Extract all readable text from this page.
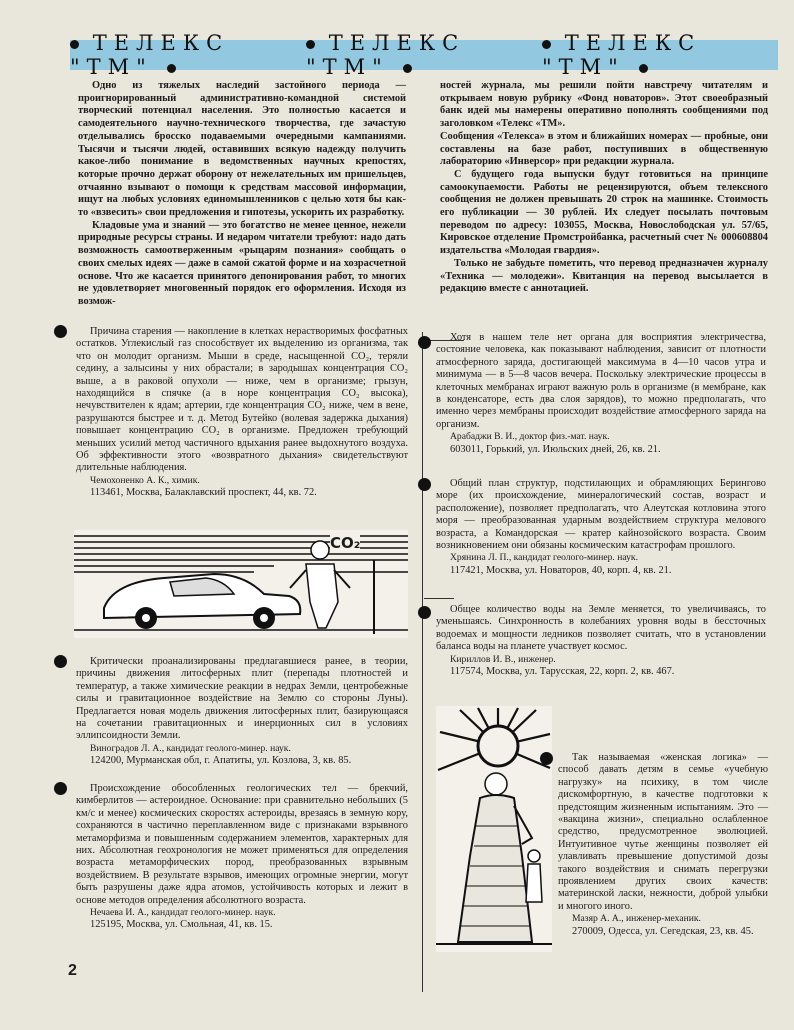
ТЕЛЕКС "ТМ"
ТЕЛЕКС "ТМ"
ТЕЛЕКС "ТМ"

Одно из тяжелых наследий застойного периода — проигнорированный административно-командной системой творческий потенциал населения. Это полностью касается и самодеятельного научно-технического творчества, где зачастую отделывались бросско подаваемыми очередными кампаниями. Тысячи и тысячи людей, оставивших всякую надежду получить какое-либо понимание в ведомственных научных крепостях, которые прочно держат оборону от нежелательных им пришельцев, отчаянно взывают о помощи к средствам массовой информации, ищут на любых условиях единомышленников с целью хотя бы как-то «взвесить» свои предложения и гипотезы, ускорить их разработку.

Кладовые ума и знаний — это богатство не менее ценное, нежели природные ресурсы страны. И недаром читатели требуют: надо дать возможность самоотверженным «рыцарям познания» сообщать о своих смелых идеях — даже в самой сжатой форме и на хозрасчетной основе. Что же касается принятого депонирования работ, то многих не удовлетворяет многовенный порядок его оформления. Исходя из возмож-

ностей журнала, мы решили пойти навстречу читателям и открываем новую рубрику «Фонд новаторов». Этот своеобразный банк идей мы намерены оперативно пополнять сообщениями под заголовком «Телекс «ТМ».

Сообщения «Телекса» в этом и ближайших номерах — пробные, они составлены на базе работ, поступивших в общественную лабораторию «Инверсор» при редакции журнала.

С будущего года выпуски будут готовиться на принципе самоокупаемости. Работы не рецензируются, объем телексного сообщения не должен превышать 20 строк на машинке. Стоимость его публикации — 30 рублей. Их следует посылать почтовым переводом по адресу: 103055, Москва, Новослободская ул. 57/65, Кировское отделение Промстройбанка, расчетный счет № 000608804 издательства «Молодая гвардия».

Только не забудьте пометить, что перевод предназначен журналу «Техника — молодежи». Квитанция на перевод высылается в редакцию вместе с аннотацией.

Причина старения — накопление в клетках нерастворимых фосфатных остатков. Углекислый газ способствует их выделению из организма, так что он молодит организм. Мыши в среде, насыщенной CO₂, теряли седину, а залысины у них обрастали; в зародышах концентрация CO₂ выше, а в раковой опухоли — ниже, чем в организме; грызун, находящийся в спячке (а в норе концентрация CO₂ высока), нечувствителен к ядам; артерии, где концентрация CO₂ ниже, чем в вене, разрушаются быстрее и т. д. Метод Бутейко (волевая задержка дыхания) повышает концентрацию CO₂ в организме. Предложен требующий меньших усилий метод частичного вдыхания ранее выдохнутого воздуха. Об эффективности этого «возвратного дыхания» свидетельствуют длительные наблюдения.

Чемохоненко А. К., химик.

113461, Москва, Балаклавский проспект, 44, кв. 72.

CO₂

Критически проанализированы предлагавшиеся ранее, в теории, причины движения литосферных плит (перепады плотностей и температур, а также химические реакции в недрах Земли, центробежные силы и гравитационное воздействие на Землю со стороны Луны). Предлагается новая модель движения литосферных плит, базирующаяся на сочетании гравитационных и инерционных сил в условиях эллипсоидности Земли.

Виноградов Л. А., кандидат геолого-минер. наук.

124200, Мурманская обл, г. Апатиты, ул. Козлова, 3, кв. 85.

Происхождение обособленных геологических тел — брекчий, кимберлитов — астероидное. Основание: при сравнительно небольших (5 км/с и менее) космических скоростях астероиды, врезаясь в земную кору, сохраняются в частично переплавленном виде с признаками взрывного метаморфизма и повышенным содержанием элементов, характерных для них. Абсолютная геохронология не может применяться для определения возраста метаморфических пород, преобразованных взрывным воздействием. В результате взрывов, имеющих огромные энергии, могут быть разрушены даже ядра атомов, устойчивость которых и лежит в основе методов определения абсолютного возраста.

Нечаева И. А., кандидат геолого-минер. наук.

125195, Москва, ул. Смольная, 41, кв. 15.

Хотя в нашем теле нет органа для восприятия электричества, состояние человека, как показывают наблюдения, зависит от плотности атмосферного заряда, достигающей максимума в 4—10 часов утра и минимума — в 5—8 часов вечера. Поскольку электрические процессы в клеточных мембранах играют важную роль в организме (в мембране, как в конденсаторе, есть два слоя зарядов), то можно предполагать, что именно через мембраны происходит воздействие атмосферного заряда на организм.

Арабаджи В. И., доктор физ.-мат. наук.

603011, Горький, ул. Июльских дней, 26, кв. 21.

Общий план структур, подстилающих и обрамляющих Берингово море (их происхождение, минералогический состав, возраст и расположение), позволяет предполагать, что Алеутская котловина этого моря — преобразованная ударным воздействием структура мелового возраста, а Командорская — кратер кайнозойского возраста. Своим возникновением они обязаны космическим катастрофам прошлого.

Хрянина Л. П., кандидат геолого-минер. наук.

117421, Москва, ул. Новаторов, 40, корп. 4, кв. 21.

Общее количество воды на Земле меняется, то увеличиваясь, то уменьшаясь. Синхронность в колебаниях уровня воды в бессточных водоемах и мощности ледников позволяет считать, что в установлении баланса воды на планете участвует космос.

Кириллов И. В., инженер.

117574, Москва, ул. Тарусская, 22, корп. 2, кв. 467.

Так называемая «женская логика» — способ давать детям в семье «учебную нагрузку» на психику, в том числе дискомфортную, в качестве подготовки к предстоящим жизненным испытаниям. Это — «вакцина жизни», специально ослабленное средство, предусмотренное эволюцией. Интуитивное чутье женщины позволяет ей улавливать превышение допустимой дозы такого воздействия и снимать перегрузки проявлением других своих качеств: материнской ласки, нежности, доброй улыбки и многого иного.

Мазяр А. А., инженер-механик.

270009, Одесса, ул. Сегедская, 23, кв. 45.

2
